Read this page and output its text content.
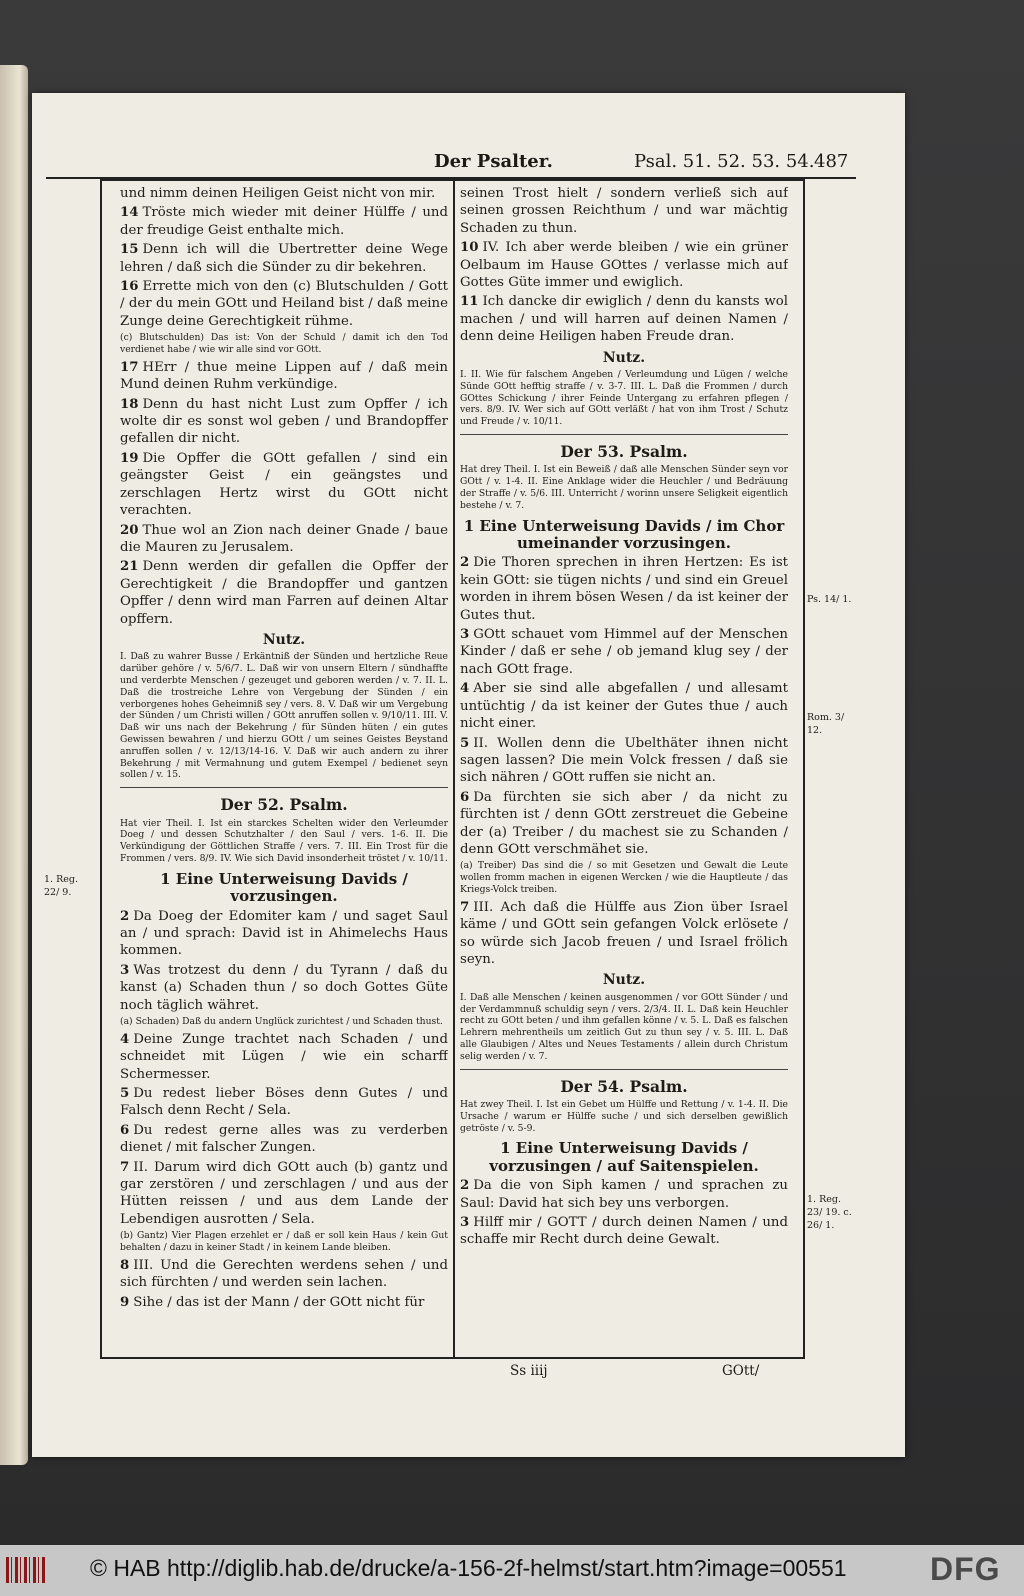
Der Psalter.	Psal. 51. 52. 53. 54. 487

und nimm deinen Heiligen Geist nicht von mir.

14 Tröste mich wieder mit deiner Hülffe / und der freudige Geist enthalte mich.

15 Denn ich will die Ubertretter deine Wege lehren / daß sich die Sünder zu dir bekehren.

16 Errette mich von den (c) Blutschulden / Gott / der du mein GOtt und Heiland bist / daß meine Zunge deine Gerechtigkeit rühme.

(c) Blutschulden) Das ist: Von der Schuld / damit ich den Tod verdienet habe / wie wir alle sind vor GOtt.

17 HErr / thue meine Lippen auf / daß mein Mund deinen Ruhm verkündige.

18 Denn du hast nicht Lust zum Opffer / ich wolte dir es sonst wol geben / und Brandopffer gefallen dir nicht.

19 Die Opffer die GOtt gefallen / sind ein geängster Geist / ein geängstes und zerschlagen Hertz wirst du GOtt nicht verachten.

20 Thue wol an Zion nach deiner Gnade / baue die Mauren zu Jerusalem.

21 Denn werden dir gefallen die Opffer der Gerechtigkeit / die Brandopffer und gantzen Opffer / denn wird man Farren auf deinen Altar opffern.

Nutz.

I. Daß zu wahrer Busse / Erkäntniß der Sünden und hertzliche Reue darüber gehöre / v. 5/6/7. L. Daß wir von unsern Eltern / sündhaffte und verderbte Menschen / gezeuget und geboren werden / v. 7. II. L. Daß die trostreiche Lehre von Vergebung der Sünden / ein verborgenes hohes Geheimniß sey / vers. 8. V. Daß wir um Vergebung der Sünden / um Christi willen / GOtt anruffen sollen v. 9/10/11. III. V. Daß wir uns nach der Bekehrung / für Sünden hüten / ein gutes Gewissen bewahren / und hierzu GOtt / um seines Geistes Beystand anruffen sollen / v. 12/13/14-16. V. Daß wir auch andern zu ihrer Bekehrung / mit Vermahnung und gutem Exempel / bedienet seyn sollen / v. 15.

Der 52. Psalm.

Hat vier Theil. I. Ist ein starckes Schelten wider den Verleumder Doeg / und dessen Schutzhalter / den Saul / vers. 1-6. II. Die Verkündigung der Göttlichen Straffe / vers. 7. III. Ein Trost für die Frommen / vers. 8/9. IV. Wie sich David insonderheit tröstet / v. 10/11.

1 Eine Unterweisung Davids / vorzusingen.

2 Da Doeg der Edomiter kam / und saget Saul an / und sprach: David ist in Ahimelechs Haus kommen.

3 Was trotzest du denn / du Tyrann / daß du kanst (a) Schaden thun / so doch Gottes Güte noch täglich währet.

(a) Schaden) Daß du andern Unglück zurichtest / und Schaden thust.

4 Deine Zunge trachtet nach Schaden / und schneidet mit Lügen / wie ein scharff Schermesser.

5 Du redest lieber Böses denn Gutes / und Falsch denn Recht / Sela.

6 Du redest gerne alles was zu verderben dienet / mit falscher Zungen.

7 II. Darum wird dich GOtt auch (b) gantz und gar zerstören / und zerschlagen / und aus der Hütten reissen / und aus dem Lande der Lebendigen ausrotten / Sela.

(b) Gantz) Vier Plagen erzehlet er / daß er soll kein Haus / kein Gut behalten / dazu in keiner Stadt / in keinem Lande bleiben.

8 III. Und die Gerechten werdens sehen / und sich fürchten / und werden sein lachen.

9 Sihe / das ist der Mann / der GOtt nicht für

seinen Trost hielt / sondern verließ sich auf seinen grossen Reichthum / und war mächtig Schaden zu thun.

10 IV. Ich aber werde bleiben / wie ein grüner Oelbaum im Hause GOttes / verlasse mich auf Gottes Güte immer und ewiglich.

11 Ich dancke dir ewiglich / denn du kansts wol machen / und will harren auf deinen Namen / denn deine Heiligen haben Freude dran.

Nutz.

I. II. Wie für falschem Angeben / Verleumdung und Lügen / welche Sünde GOtt hefftig straffe / v. 3-7. III. L. Daß die Frommen / durch GOttes Schickung / ihrer Feinde Untergang zu erfahren pflegen / vers. 8/9. IV. Wer sich auf GOtt verläßt / hat von ihm Trost / Schutz und Freude / v. 10/11.

Der 53. Psalm.

Hat drey Theil. I. Ist ein Beweiß / daß alle Menschen Sünder seyn vor GOtt / v. 1-4. II. Eine Anklage wider die Heuchler / und Bedräuung der Straffe / v. 5/6. III. Unterricht / worinn unsere Seligkeit eigentlich bestehe / v. 7.

1 Eine Unterweisung Davids / im Chor umeinander vorzusingen.

2 Die Thoren sprechen in ihren Hertzen: Es ist kein GOtt: sie tügen nichts / und sind ein Greuel worden in ihrem bösen Wesen / da ist keiner der Gutes thut.

3 GOtt schauet vom Himmel auf der Menschen Kinder / daß er sehe / ob jemand klug sey / der nach GOtt frage.

4 Aber sie sind alle abgefallen / und allesamt untüchtig / da ist keiner der Gutes thue / auch nicht einer.

5 II. Wollen denn die Ubelthäter ihnen nicht sagen lassen? Die mein Volck fressen / daß sie sich nähren / GOtt ruffen sie nicht an.

6 Da fürchten sie sich aber / da nicht zu fürchten ist / denn GOtt zerstreuet die Gebeine der (a) Treiber / du machest sie zu Schanden / denn GOtt verschmähet sie.

(a) Treiber) Das sind die / so mit Gesetzen und Gewalt die Leute wollen fromm machen in eigenen Wercken / wie die Hauptleute / das Kriegs-Volck treiben.

7 III. Ach daß die Hülffe aus Zion über Israel käme / und GOtt sein gefangen Volck erlösete / so würde sich Jacob freuen / und Israel frölich seyn.

Nutz.

I. Daß alle Menschen / keinen ausgenommen / vor GOtt Sünder / und der Verdammnuß schuldig seyn / vers. 2/3/4. II. L. Daß kein Heuchler recht zu GOtt beten / und ihm gefallen könne / v. 5. L. Daß es falschen Lehrern mehrentheils um zeitlich Gut zu thun sey / v. 5. III. L. Daß alle Glaubigen / Altes und Neues Testaments / allein durch Christum selig werden / v. 7.

Der 54. Psalm.

Hat zwey Theil. I. Ist ein Gebet um Hülffe und Rettung / v. 1-4. II. Die Ursache / warum er Hülffe suche / und sich derselben gewißlich getröste / v. 5-9.

1 Eine Unterweisung Davids / vorzusingen / auf Saitenspielen.

2 Da die von Siph kamen / und sprachen zu Saul: David hat sich bey uns verborgen.

3 Hilff mir / GOTT / durch deinen Namen / und schaffe mir Recht durch deine Gewalt.

1. Reg. 22/ 9.
Ps. 14/ 1.
Rom. 3/ 12.
1. Reg. 23/ 19. c. 26/ 1.
Ss iiij	GOtt/
© HAB http://diglib.hab.de/drucke/a-156-2f-helmst/start.htm?image=00551	DFG
